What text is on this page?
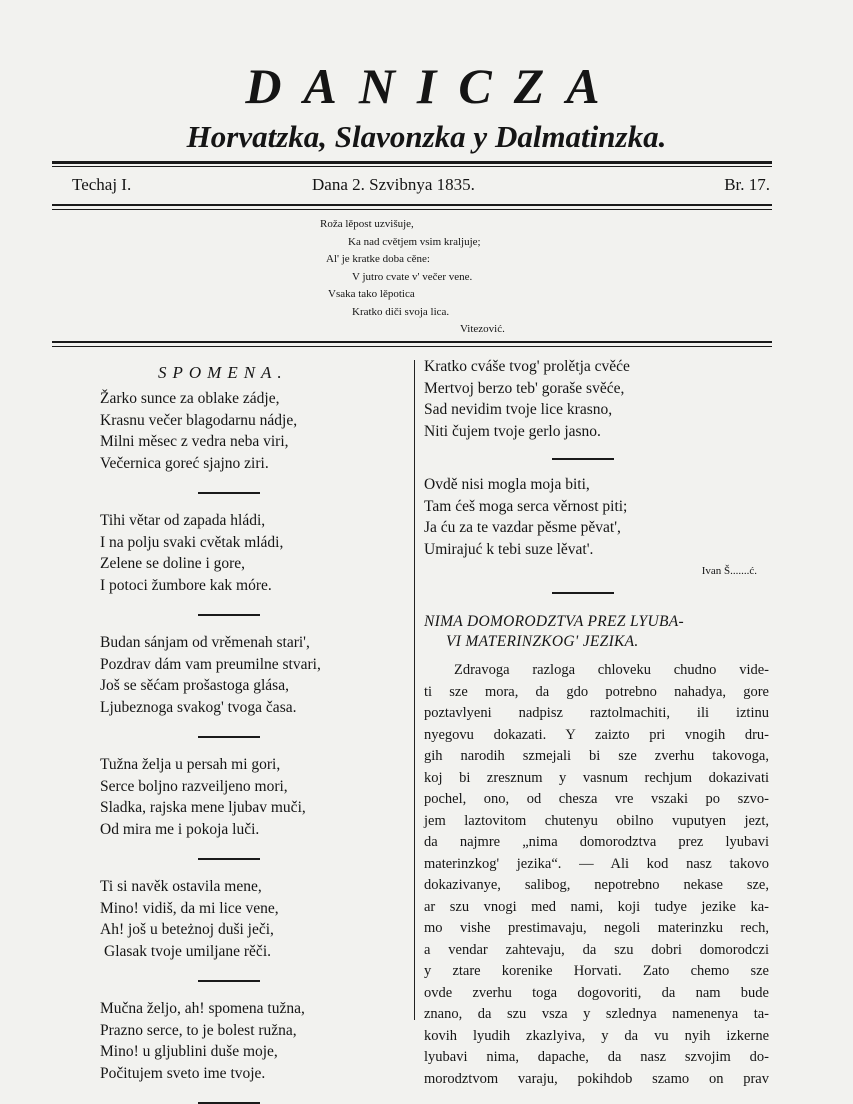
DANICZA
Horvatzka, Slavonzka y Dalmatinzka.
Techaj I.	Dana 2. Szvibnya 1835.	Br. 17.
Roža lěpost uzvišuje,
Ka nad cvětjem vsim kraljuje;
Al' je kratke doba cěne:
V jutro cvate v' večer vene.
Vsaka tako lěpotica
Kratko diči svoja lica.
Vitezović.
SPOMENA.
Žarko sunce za oblake zádje,
Krasnu večer blagodarnu nádje,
Milni měsec z vedra neba viri,
Večernica goreć sjajno ziri.
Tihi větar od zapada hládi,
I na polju svaki cvětak mládi,
Zelene se doline i gore,
I potoci žumbore kak móre.
Budan sánjam od vrěmenah stari',
Pozdrav dám vam preumilne stvari,
Još se sěćam prošastoga glása,
Ljubeznoga svakog' tvoga časa.
Tužna želja u persah mi gori,
Serce boljno razveiljeno mori,
Sladka, rajska mene ljubav muči,
Od mira me i pokoja luči.
Ti si navěk ostavila mene,
Mino! vidiš, da mi lice vene,
Ah! još u beteżnoj duši ječi,
Glasak tvoje umiljane rěči.
Mučna željo, ah! spomena tužna,
Prazno serce, to je bolest ružna,
Mino! u gljublini duše moje,
Počitujem sveto ime tvoje.
Kratko cváše tvog' prolětja cvěće
Mertvoj berzo teb' goraše svěće,
Sad nevidim tvoje lice krasno,
Niti čujem tvoje gerlo jasno.
Ovdě nisi mogla moja biti,
Tam ćeš moga serca věrnost piti;
Ja ću za te vazdar pěsme pěvat',
Umirajuć k tebi suze lěvat'.
Ivan Š.......ć.
NIMA DOMORODZTVA PREZ LYUBA-
VI MATERINZKOG' JEZIKA.
Zdravoga razloga chloveku chudno vide-
ti sze mora, da gdo potrebno nahadya, gore
poztavlyeni nadpisz raztolmachiti, ili iztinu
nyegovu dokazati. Y zaizto pri vnogih dru-
gih narodih szmejali bi sze zverhu takovoga,
koj bi zresznum y vasnum rechjum dokazivati
pochel, ono, od chesza vre vszaki po szvo-
jem laztovitom chutenyu obilno vuputyen jezt,
da najmre „nima domorodztva prez lyubavi
materinzkog' jezika“. — Ali kod nasz takovo
dokazivanye, salibog, nepotrebno nekase sze,
ar szu vnogi med nami, koji tudye jezike ka-
mo vishe prestimavaju, negoli materinzku rech,
a vendar zahtevaju, da szu dobri domorodczi
y ztare korenike Horvati. Zato chemo sze
ovde zverhu toga dogovoriti, da nam bude
znano, da szu vsza y szlednya namenenya ta-
kovih lyudih zkazlyiva, y da vu nyih izkerne
lyubavi nima, dapache, da nasz szvojim do-
morodztvom varaju, pokihdob szamo on prav
